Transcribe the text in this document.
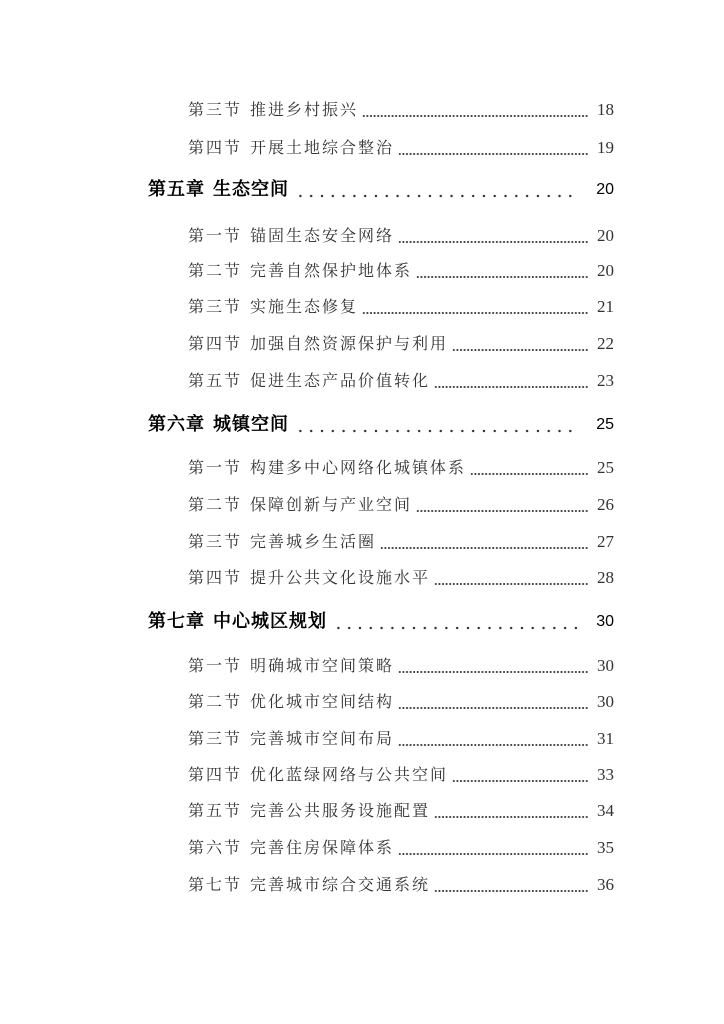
第三节 推进乡村振兴	18
第四节 开展土地综合整治	19
第五章 生态空间	20
第一节 锚固生态安全网络	20
第二节 完善自然保护地体系	20
第三节 实施生态修复	21
第四节 加强自然资源保护与利用	22
第五节 促进生态产品价值转化	23
第六章 城镇空间	25
第一节 构建多中心网络化城镇体系	25
第二节 保障创新与产业空间	26
第三节 完善城乡生活圈	27
第四节 提升公共文化设施水平	28
第七章 中心城区规划	30
第一节 明确城市空间策略	30
第二节 优化城市空间结构	30
第三节 完善城市空间布局	31
第四节 优化蓝绿网络与公共空间	33
第五节 完善公共服务设施配置	34
第六节 完善住房保障体系	35
第七节 完善城市综合交通系统	36
